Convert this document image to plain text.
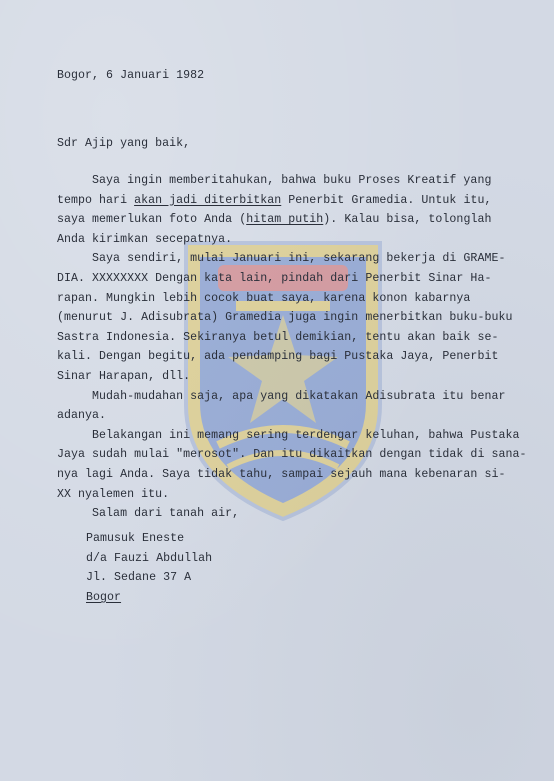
Bogor, 6 Januari 1982
Sdr Ajip yang baik,
Saya ingin memberitahukan, bahwa buku Proses Kreatif yang
tempo hari akan jadi diterbitkan Penerbit Gramedia. Untuk itu,
saya memerlukan foto Anda (hitam putih). Kalau bisa, tolonglah
Anda kirimkan secepatnya.
Saya sendiri, mulai Januari ini, sekarang bekerja di GRAME-
DIA. XXXXXXXX Dengan kata lain, pindah dari Penerbit Sinar Ha-
rapan. Mungkin lebih cocok buat saya, karena konon kabarnya
(menurut J. Adisubrata) Gramedia juga ingin menerbitkan buku-buku
Sastra Indonesia. Sekiranya betul demikian, tentu akan baik se-
kali. Dengan begitu, ada pendamping bagi Pustaka Jaya, Penerbit
Sinar Harapan, dll.
Mudah-mudahan saja, apa yang dikatakan Adisubrata itu benar
adanya.
Belakangan ini memang sering terdengar keluhan, bahwa Pustaka
Jaya sudah mulai "merosot". Dan itu dikaitkan dengan tidak di sana-
nya lagi Anda. Saya tidak tahu, sampai sejauh mana kebenaran si-
XX nyalemen itu.
Salam dari tanah air,
Pamusuk Eneste
d/a Fauzi Abdullah
Jl. Sedane 37 A
Bogor
